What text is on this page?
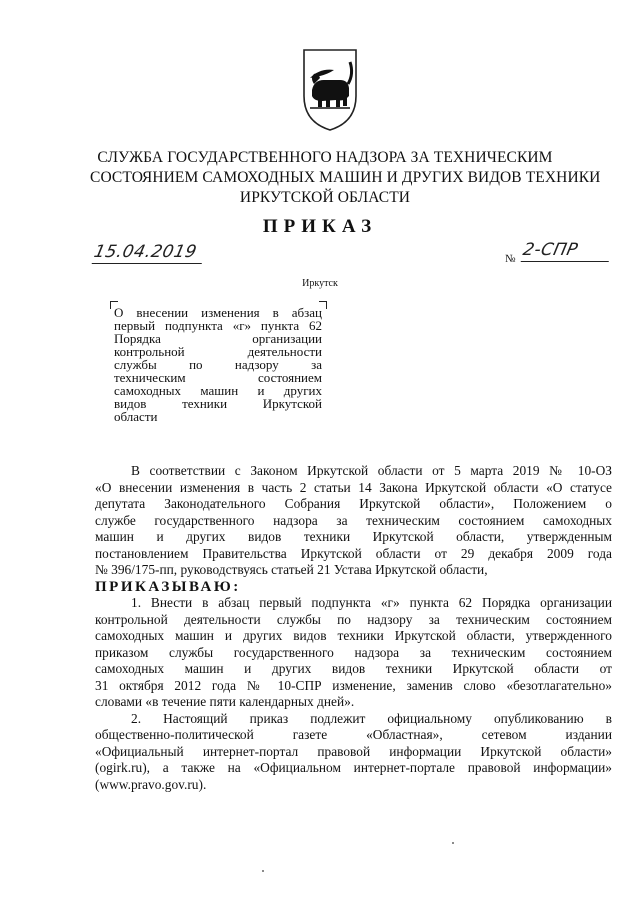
СЛУЖБА ГОСУДАРСТВЕННОГО НАДЗОРА ЗА ТЕХНИЧЕСКИМ
СОСТОЯНИЕМ САМОХОДНЫХ МАШИН И ДРУГИХ ВИДОВ ТЕХНИКИ
ИРКУТСКОЙ ОБЛАСТИ
ПРИКАЗ
15.04.2019	№ 2-СПР
Иркутск
О внесении изменения в абзац
первый подпункта «г» пункта 62
Порядка организации
контрольной деятельности
службы по надзору за
техническим состоянием
самоходных машин и других
видов техники Иркутской
области

В соответствии с Законом Иркутской области от 5 марта 2019 № 10-ОЗ
«О внесении изменения в часть 2 статьи 14 Закона Иркутской области «О статусе
депутата Законодательного Собрания Иркутской области», Положением о
службе государственного надзора за техническим состоянием самоходных
машин и других видов техники Иркутской области, утвержденным
постановлением Правительства Иркутской области от 29 декабря 2009 года
№ 396/175-пп, руководствуясь статьей 21 Устава Иркутской области,

ПРИКАЗЫВАЮ:

1. Внести в абзац первый подпункта «г» пункта 62 Порядка организации
контрольной деятельности службы по надзору за техническим состоянием
самоходных машин и других видов техники Иркутской области, утвержденного
приказом службы государственного надзора за техническим состоянием
самоходных машин и других видов техники Иркутской области от
31 октября 2012 года № 10-СПР изменение, заменив слово «безотлагательно»
словами «в течение пяти календарных дней».

2. Настоящий приказ подлежит официальному опубликованию в
общественно-политической газете «Областная», сетевом издании
«Официальный интернет-портал правовой информации Иркутской области»
(ogirk.ru), а также на «Официальном интернет-портале правовой информации»
(www.pravo.gov.ru).
